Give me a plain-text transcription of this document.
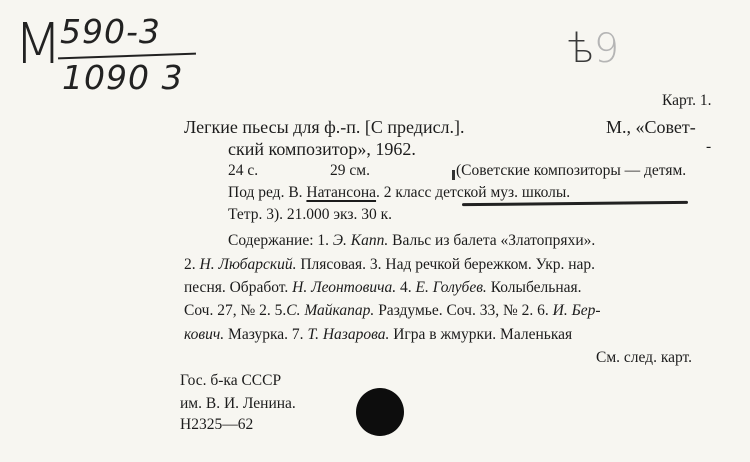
М 590-3
1090 3
ѣ9
Карт. 1.
Легкие пьесы для ф.-п. [С предисл.].	М., «Совет-
ский композитор», 1962.	-
24 с.	29 см.	(Советские композиторы — детям.
Под ред. В. Натансона. 2 класс детской муз. школы.
Тетр. 3). 21.000 экз. 30 к.
Содержание: 1. Э. Капп. Вальс из балета «Златопряхи».
2. Н. Любарский. Плясовая. 3. Над речкой бережком. Укр. нар.
песня. Обработ. Н. Леонтовича. 4. Е. Голубев. Колыбельная.
Соч. 27, № 2. 5.С. Майкапар. Раздумье. Соч. 33, № 2. 6. И. Бер-
кович. Мазурка. 7. Т. Назарова. Игра в жмурки. Маленькая
См. след. карт.
Гос. б-ка СССР
им. В. И. Ленина.
Н2325—62
